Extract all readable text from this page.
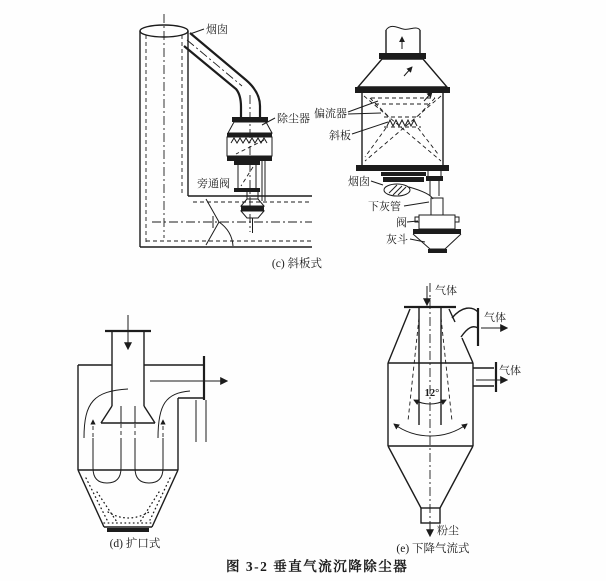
烟囱
除尘器
旁通阀
(c) 斜板式
偏流器
斜板
烟囱
下灰管
阀
灰斗
(d) 扩口式
气体
气体
气体
12°
粉尘
(e) 下降气流式
图 3-2 垂直气流沉降除尘器
